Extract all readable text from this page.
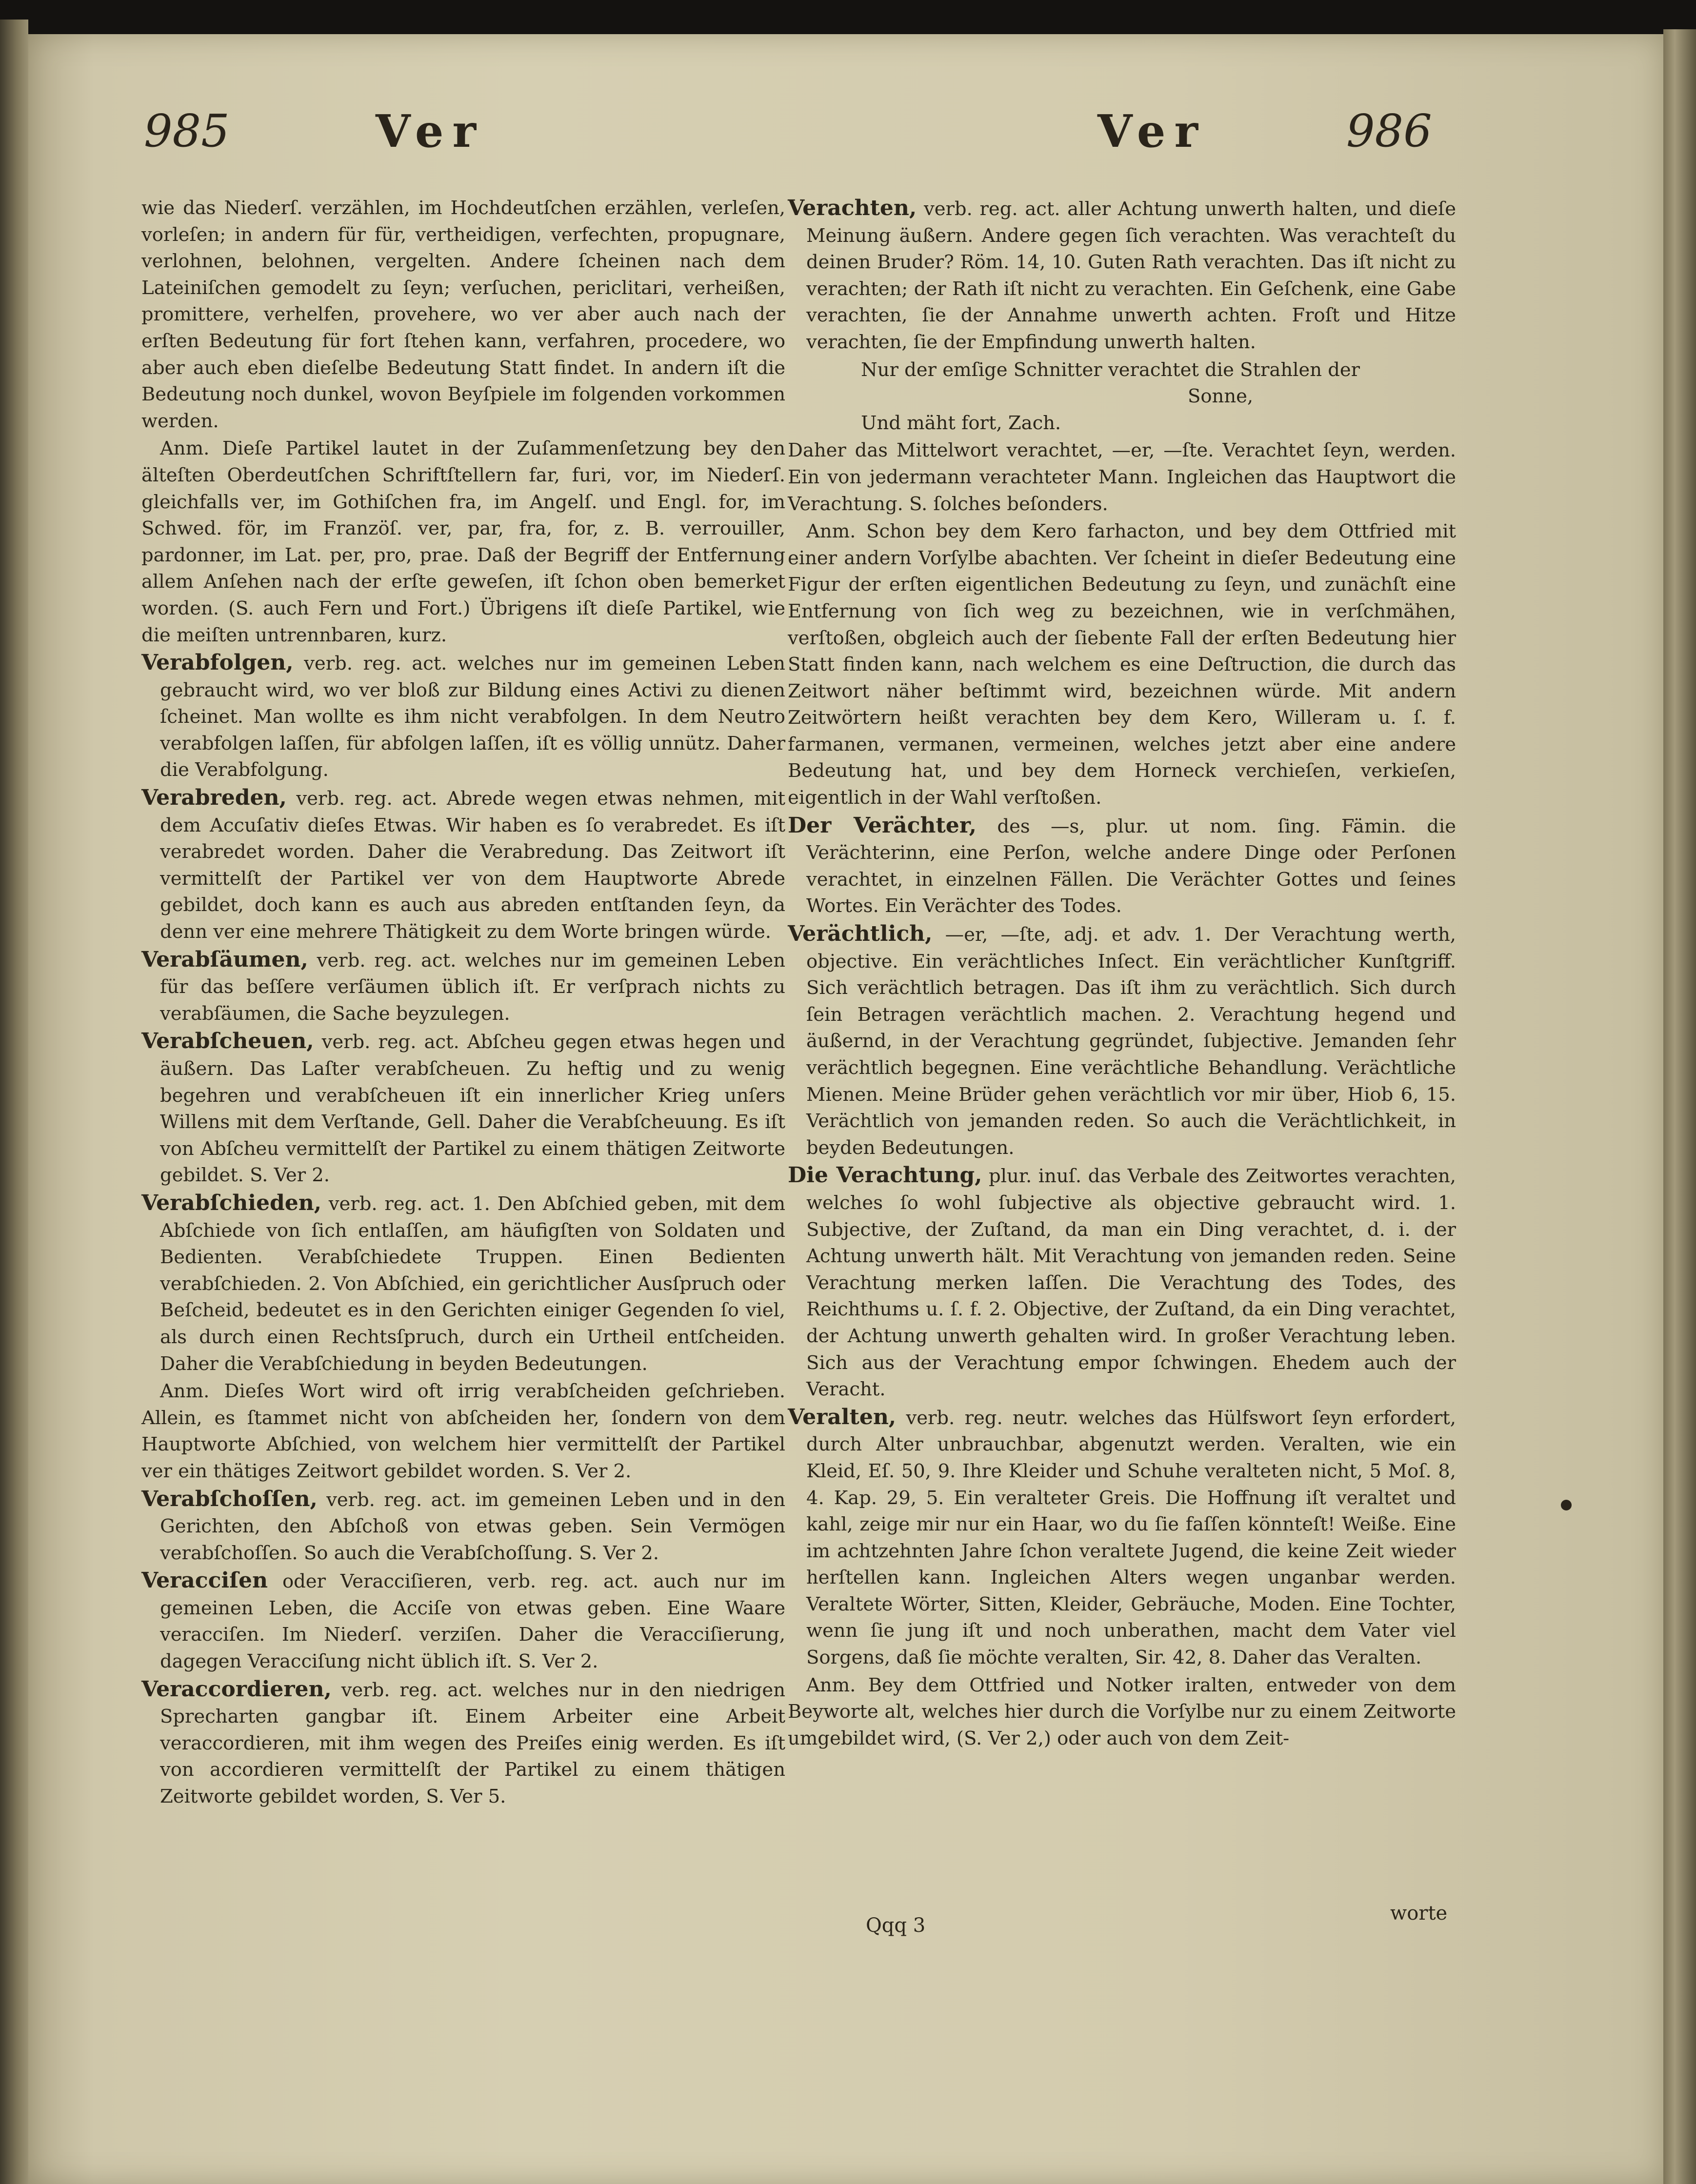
985	Ver	Ver	986

wie das Niederſ. verzählen, im Hochdeutſchen erzählen, verleſen, vorleſen; in andern für für, vertheidigen, verfechten, propugnare, verlohnen, belohnen, vergelten. Andere ſcheinen nach dem Lateiniſchen gemodelt zu ſeyn; verſuchen, periclitari, verheißen, promittere, verhelfen, provehere, wo ver aber auch nach der erſten Bedeutung für fort ſtehen kann, verfahren, procedere, wo aber auch eben dieſelbe Bedeutung Statt findet. In andern iſt die Bedeutung noch dunkel, wovon Beyſpiele im folgenden vorkommen werden.

Anm. Dieſe Partikel lautet in der Zuſammenſetzung bey den älteſten Oberdeutſchen Schriftſtellern far, furi, vor, im Niederſ. gleichfalls ver, im Gothiſchen fra, im Angelſ. und Engl. for, im Schwed. för, im Franzöſ. ver, par, fra, for, z. B. verrouiller, pardonner, im Lat. per, pro, prae. Daß der Begriff der Entfernung allem Anſehen nach der erſte geweſen, iſt ſchon oben bemerket worden. (S. auch Fern und Fort.) Übrigens iſt dieſe Partikel, wie die meiſten untrennbaren, kurz.

Verabfolgen, verb. reg. act. welches nur im gemeinen Leben gebraucht wird, wo ver bloß zur Bildung eines Activi zu dienen ſcheinet. Man wollte es ihm nicht verabfolgen. In dem Neutro verabfolgen laſſen, für abfolgen laſſen, iſt es völlig unnütz. Daher die Verabfolgung.

Verabreden, verb. reg. act. Abrede wegen etwas nehmen, mit dem Accuſativ dieſes Etwas. Wir haben es ſo verabredet. Es iſt verabredet worden. Daher die Verabredung. Das Zeitwort iſt vermittelſt der Partikel ver von dem Hauptworte Abrede gebildet, doch kann es auch aus abreden entſtanden ſeyn, da denn ver eine mehrere Thätigkeit zu dem Worte bringen würde.

Verabſäumen, verb. reg. act. welches nur im gemeinen Leben für das beſſere verſäumen üblich iſt. Er verſprach nichts zu verabſäumen, die Sache beyzulegen.

Verabſcheuen, verb. reg. act. Abſcheu gegen etwas hegen und äußern. Das Laſter verabſcheuen. Zu heftig und zu wenig begehren und verabſcheuen iſt ein innerlicher Krieg unſers Willens mit dem Verſtande, Gell. Daher die Verabſcheuung. Es iſt von Abſcheu vermittelſt der Partikel zu einem thätigen Zeitworte gebildet. S. Ver 2.

Verabſchieden, verb. reg. act. 1. Den Abſchied geben, mit dem Abſchiede von ſich entlaſſen, am häufigſten von Soldaten und Bedienten. Verabſchiedete Truppen. Einen Bedienten verabſchieden. 2. Von Abſchied, ein gerichtlicher Ausſpruch oder Beſcheid, bedeutet es in den Gerichten einiger Gegenden ſo viel, als durch einen Rechtsſpruch, durch ein Urtheil entſcheiden. Daher die Verabſchiedung in beyden Bedeutungen.

Anm. Dieſes Wort wird oft irrig verabſcheiden geſchrieben. Allein, es ſtammet nicht von abſcheiden her, ſondern von dem Hauptworte Abſchied, von welchem hier vermittelſt der Partikel ver ein thätiges Zeitwort gebildet worden. S. Ver 2.

Verabſchoſſen, verb. reg. act. im gemeinen Leben und in den Gerichten, den Abſchoß von etwas geben. Sein Vermögen verabſchoſſen. So auch die Verabſchoſſung. S. Ver 2.

Veracciſen oder Veracciſieren, verb. reg. act. auch nur im gemeinen Leben, die Acciſe von etwas geben. Eine Waare veracciſen. Im Niederſ. verziſen. Daher die Veracciſierung, dagegen Veracciſung nicht üblich iſt. S. Ver 2.

Veraccordieren, verb. reg. act. welches nur in den niedrigen Sprecharten gangbar iſt. Einem Arbeiter eine Arbeit veraccordieren, mit ihm wegen des Preiſes einig werden. Es iſt von accordieren vermittelſt der Partikel zu einem thätigen Zeitworte gebildet worden, S. Ver 5.

Verachten, verb. reg. act. aller Achtung unwerth halten, und dieſe Meinung äußern. Andere gegen ſich verachten. Was verachteſt du deinen Bruder? Röm. 14, 10. Guten Rath verachten. Das iſt nicht zu verachten; der Rath iſt nicht zu verachten. Ein Geſchenk, eine Gabe verachten, ſie der Annahme unwerth achten. Froſt und Hitze verachten, ſie der Empfindung unwerth halten.

Nur der emſige Schnitter verachtet die Strahlen der

Sonne,

Und mäht fort, Zach.

Daher das Mittelwort verachtet, —er, —ſte. Verachtet ſeyn, werden. Ein von jedermann verachteter Mann. Ingleichen das Hauptwort die Verachtung. S. ſolches beſonders.

Anm. Schon bey dem Kero farhacton, und bey dem Ottfried mit einer andern Vorſylbe abachten. Ver ſcheint in dieſer Bedeutung eine Figur der erſten eigentlichen Bedeutung zu ſeyn, und zunächſt eine Entfernung von ſich weg zu bezeichnen, wie in verſchmähen, verſtoßen, obgleich auch der ſiebente Fall der erſten Bedeutung hier Statt finden kann, nach welchem es eine Deſtruction, die durch das Zeitwort näher beſtimmt wird, bezeichnen würde. Mit andern Zeitwörtern heißt verachten bey dem Kero, Willeram u. ſ. f. farmanen, vermanen, vermeinen, welches jetzt aber eine andere Bedeutung hat, und bey dem Horneck verchieſen, verkieſen, eigentlich in der Wahl verſtoßen.

Der Verächter, des —s, plur. ut nom. ſing. Fämin. die Verächterinn, eine Perſon, welche andere Dinge oder Perſonen verachtet, in einzelnen Fällen. Die Verächter Gottes und ſeines Wortes. Ein Verächter des Todes.

Verächtlich, —er, —ſte, adj. et adv. 1. Der Verachtung werth, objective. Ein verächtliches Inſect. Ein verächtlicher Kunſtgriff. Sich verächtlich betragen. Das iſt ihm zu verächtlich. Sich durch ſein Betragen verächtlich machen. 2. Verachtung hegend und äußernd, in der Verachtung gegründet, ſubjective. Jemanden ſehr verächtlich begegnen. Eine verächtliche Behandlung. Verächtliche Mienen. Meine Brüder gehen verächtlich vor mir über, Hiob 6, 15. Verächtlich von jemanden reden. So auch die Verächtlichkeit, in beyden Bedeutungen.

Die Verachtung, plur. inuſ. das Verbale des Zeitwortes verachten, welches ſo wohl ſubjective als objective gebraucht wird. 1. Subjective, der Zuſtand, da man ein Ding verachtet, d. i. der Achtung unwerth hält. Mit Verachtung von jemanden reden. Seine Verachtung merken laſſen. Die Verachtung des Todes, des Reichthums u. ſ. f. 2. Objective, der Zuſtand, da ein Ding verachtet, der Achtung unwerth gehalten wird. In großer Verachtung leben. Sich aus der Verachtung empor ſchwingen. Ehedem auch der Veracht.

Veralten, verb. reg. neutr. welches das Hülfswort ſeyn erfordert, durch Alter unbrauchbar, abgenutzt werden. Veralten, wie ein Kleid, Eſ. 50, 9. Ihre Kleider und Schuhe veralteten nicht, 5 Moſ. 8, 4. Kap. 29, 5. Ein veralteter Greis. Die Hoffnung iſt veraltet und kahl, zeige mir nur ein Haar, wo du ſie faſſen könnteſt! Weiße. Eine im achtzehnten Jahre ſchon veraltete Jugend, die keine Zeit wieder herſtellen kann. Ingleichen Alters wegen unganbar werden. Veraltete Wörter, Sitten, Kleider, Gebräuche, Moden. Eine Tochter, wenn ſie jung iſt und noch unberathen, macht dem Vater viel Sorgens, daß ſie möchte veralten, Sir. 42, 8. Daher das Veralten.

Anm. Bey dem Ottfried und Notker iralten, entweder von dem Beyworte alt, welches hier durch die Vorſylbe nur zu einem Zeitworte umgebildet wird, (S. Ver 2,) oder auch von dem Zeit-

Qqq 3
worte
